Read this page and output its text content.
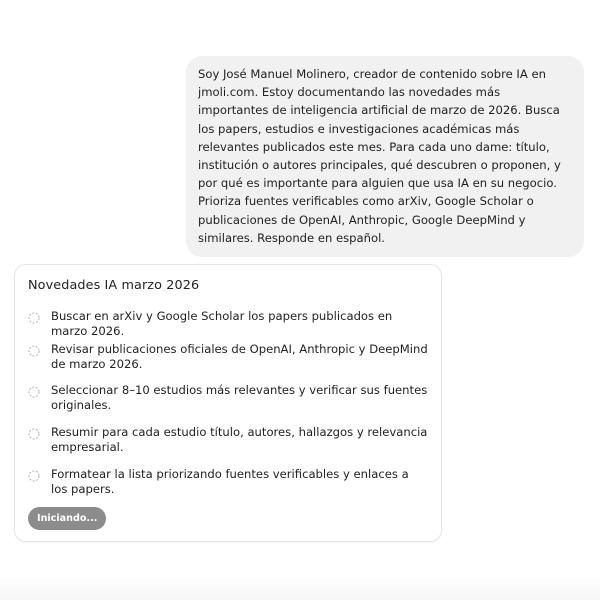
Soy José Manuel Molinero, creador de contenido sobre IA en jmoli.com. Estoy documentando las novedades más importantes de inteligencia artificial de marzo de 2026. Busca los papers, estudios e investigaciones académicas más relevantes publicados este mes. Para cada uno dame: título, institución o autores principales, qué descubren o proponen, y por qué es importante para alguien que usa IA en su negocio. Prioriza fuentes verificables como arXiv, Google Scholar o publicaciones de OpenAI, Anthropic, Google DeepMind y similares. Responde en español.
Novedades IA marzo 2026
Buscar en arXiv y Google Scholar los papers publicados en marzo 2026.
Revisar publicaciones oficiales de OpenAI, Anthropic y DeepMind de marzo 2026.
Seleccionar 8–10 estudios más relevantes y verificar sus fuentes originales.
Resumir para cada estudio título, autores, hallazgos y relevancia empresarial.
Formatear la lista priorizando fuentes verificables y enlaces a los papers.
Iniciando...
